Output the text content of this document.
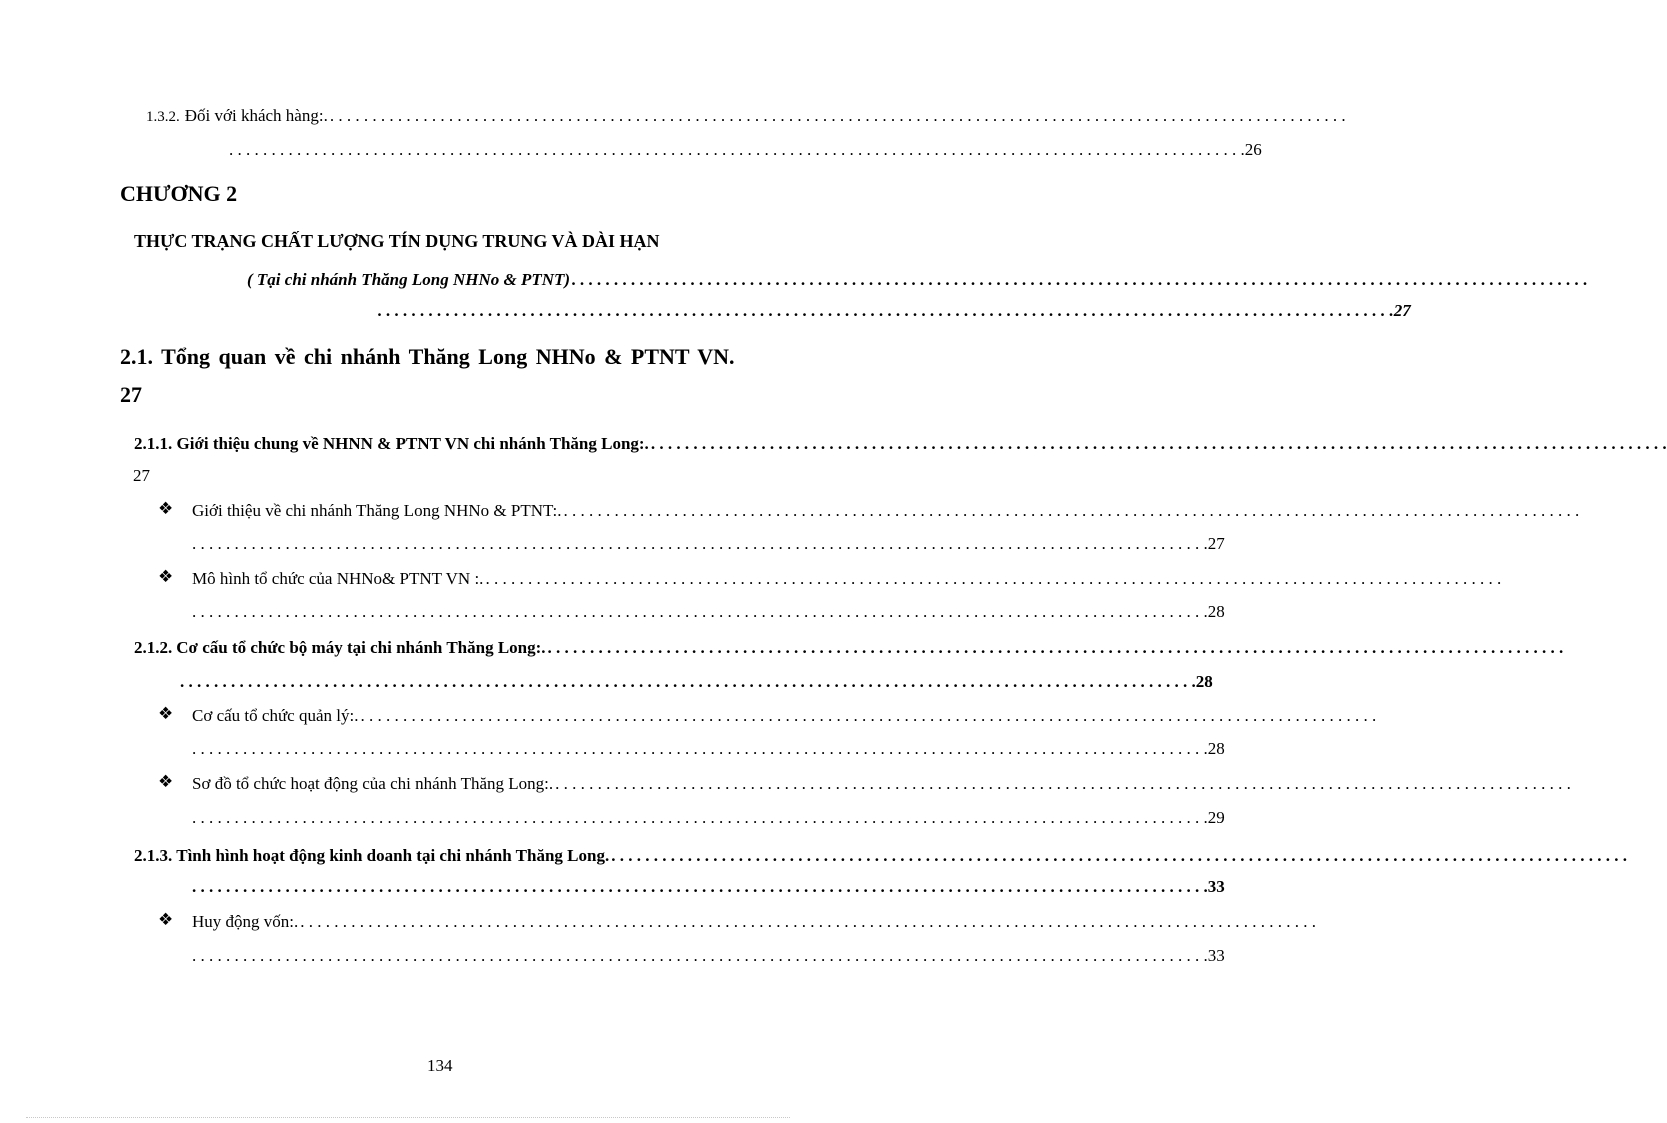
1.3.2. Đối với khách hàng:. . . . . . . . . . . . . . . . . . . . . . . . . . . . . . . . . . . . . . . . . . . . . . . . . . . . . . . . . . . . . . . . . . . . . . . . . . . . . . . . . . . . . . . . . . . . . . . . . . . . . . . . . . . . . . . . . . . . . . . . .
. . . . . . . . . . . . . . . . . . . . . . . . . . . . . . . . . . . . . . . . . . . . . . . . . . . . . . . . . . . . . . . . . . . . . . . . . . . . . . . . . . . . . . . . . . . . . . . . . . . . . . . . . . . . . . . . . . . . . . . . 26
CHƯƠNG 2
THỰC TRẠNG CHẤT LƯỢNG TÍN DỤNG TRUNG VÀ DÀI HẠN
( Tại chi nhánh Thăng Long NHNo & PTNT) . . . . . . . . . . . . . . . . . . . . . . . . . . . . . . . . . . . . . . . . . . . . . . . . . . . . . . . . . . . . . . . . . . . . . . . . . . . . . . . . . . . . . . . . . . . . . . . . . . . . . . . . . . . . . . . . . . . . . . . .
. . . . . . . . . . . . . . . . . . . . . . . . . . . . . . . . . . . . . . . . . . . . . . . . . . . . . . . . . . . . . . . . . . . . . . . . . . . . . . . . . . . . . . . . . . . . . . . . . . . . . . . . . . . . . . . . . . . . . . . . 27
2.1. Tổng quan về chi nhánh Thăng Long NHNo & PTNT VN.
27
2.1.1. Giới thiệu chung về NHNN & PTNT VN chi nhánh Thăng Long:. . . . . . . . . . . . . . . . . . . . . . . . . . . . . . . . . . . . . . . . . . . . . . . . . . . . . . . . . . . . . . . . . . . . . . . . . . . . . . . . . . . . . . . . . . . . . . . . . . . . . . . . . . . . . . . . . . . . . . . . .
27
❖ Giới thiệu về chi nhánh Thăng Long NHNo & PTNT:. . . . . . . . . . . . . . . . . . . . . . . . . . . . . . . . . . . . . . . . . . . . . . . . . . . . . . . . . . . . . . . . . . . . . . . . . . . . . . . . . . . . . . . . . . . . . . . . . . . . . . . . . . . . . . . . . . . . . . . . .
. . . . . . . . . . . . . . . . . . . . . . . . . . . . . . . . . . . . . . . . . . . . . . . . . . . . . . . . . . . . . . . . . . . . . . . . . . . . . . . . . . . . . . . . . . . . . . . . . . . . . . . . . . . . . . . . . . . . . . . . 27
❖ Mô hình tổ chức của NHNo& PTNT VN :. . . . . . . . . . . . . . . . . . . . . . . . . . . . . . . . . . . . . . . . . . . . . . . . . . . . . . . . . . . . . . . . . . . . . . . . . . . . . . . . . . . . . . . . . . . . . . . . . . . . . . . . . . . . . . . . . . . . . . . . .
. . . . . . . . . . . . . . . . . . . . . . . . . . . . . . . . . . . . . . . . . . . . . . . . . . . . . . . . . . . . . . . . . . . . . . . . . . . . . . . . . . . . . . . . . . . . . . . . . . . . . . . . . . . . . . . . . . . . . . . . 28
2.1.2. Cơ cấu tổ chức bộ máy tại chi nhánh Thăng Long:. . . . . . . . . . . . . . . . . . . . . . . . . . . . . . . . . . . . . . . . . . . . . . . . . . . . . . . . . . . . . . . . . . . . . . . . . . . . . . . . . . . . . . . . . . . . . . . . . . . . . . . . . . . . . . . . . . . . . . . . .
. . . . . . . . . . . . . . . . . . . . . . . . . . . . . . . . . . . . . . . . . . . . . . . . . . . . . . . . . . . . . . . . . . . . . . . . . . . . . . . . . . . . . . . . . . . . . . . . . . . . . . . . . . . . . . . . . . . . . . . . 28
❖ Cơ cấu tổ chức quản lý:. . . . . . . . . . . . . . . . . . . . . . . . . . . . . . . . . . . . . . . . . . . . . . . . . . . . . . . . . . . . . . . . . . . . . . . . . . . . . . . . . . . . . . . . . . . . . . . . . . . . . . . . . . . . . . . . . . . . . . . . .
. . . . . . . . . . . . . . . . . . . . . . . . . . . . . . . . . . . . . . . . . . . . . . . . . . . . . . . . . . . . . . . . . . . . . . . . . . . . . . . . . . . . . . . . . . . . . . . . . . . . . . . . . . . . . . . . . . . . . . . . 28
❖ Sơ đồ tổ chức hoạt động của chi nhánh Thăng Long:. . . . . . . . . . . . . . . . . . . . . . . . . . . . . . . . . . . . . . . . . . . . . . . . . . . . . . . . . . . . . . . . . . . . . . . . . . . . . . . . . . . . . . . . . . . . . . . . . . . . . . . . . . . . . . . . . . . . . . . . .
. . . . . . . . . . . . . . . . . . . . . . . . . . . . . . . . . . . . . . . . . . . . . . . . . . . . . . . . . . . . . . . . . . . . . . . . . . . . . . . . . . . . . . . . . . . . . . . . . . . . . . . . . . . . . . . . . . . . . . . . 29
2.1.3. Tình hình hoạt động kinh doanh tại chi nhánh Thăng Long. . . . . . . . . . . . . . . . . . . . . . . . . . . . . . . . . . . . . . . . . . . . . . . . . . . . . . . . . . . . . . . . . . . . . . . . . . . . . . . . . . . . . . . . . . . . . . . . . . . . . . . . . . . . . . . . . . . . . . . . .
. . . . . . . . . . . . . . . . . . . . . . . . . . . . . . . . . . . . . . . . . . . . . . . . . . . . . . . . . . . . . . . . . . . . . . . . . . . . . . . . . . . . . . . . . . . . . . . . . . . . . . . . . . . . . . . . . . . . . . . . 33
❖ Huy động vốn:. . . . . . . . . . . . . . . . . . . . . . . . . . . . . . . . . . . . . . . . . . . . . . . . . . . . . . . . . . . . . . . . . . . . . . . . . . . . . . . . . . . . . . . . . . . . . . . . . . . . . . . . . . . . . . . . . . . . . . . . .
. . . . . . . . . . . . . . . . . . . . . . . . . . . . . . . . . . . . . . . . . . . . . . . . . . . . . . . . . . . . . . . . . . . . . . . . . . . . . . . . . . . . . . . . . . . . . . . . . . . . . . . . . . . . . . . . . . . . . . . . 33
134
